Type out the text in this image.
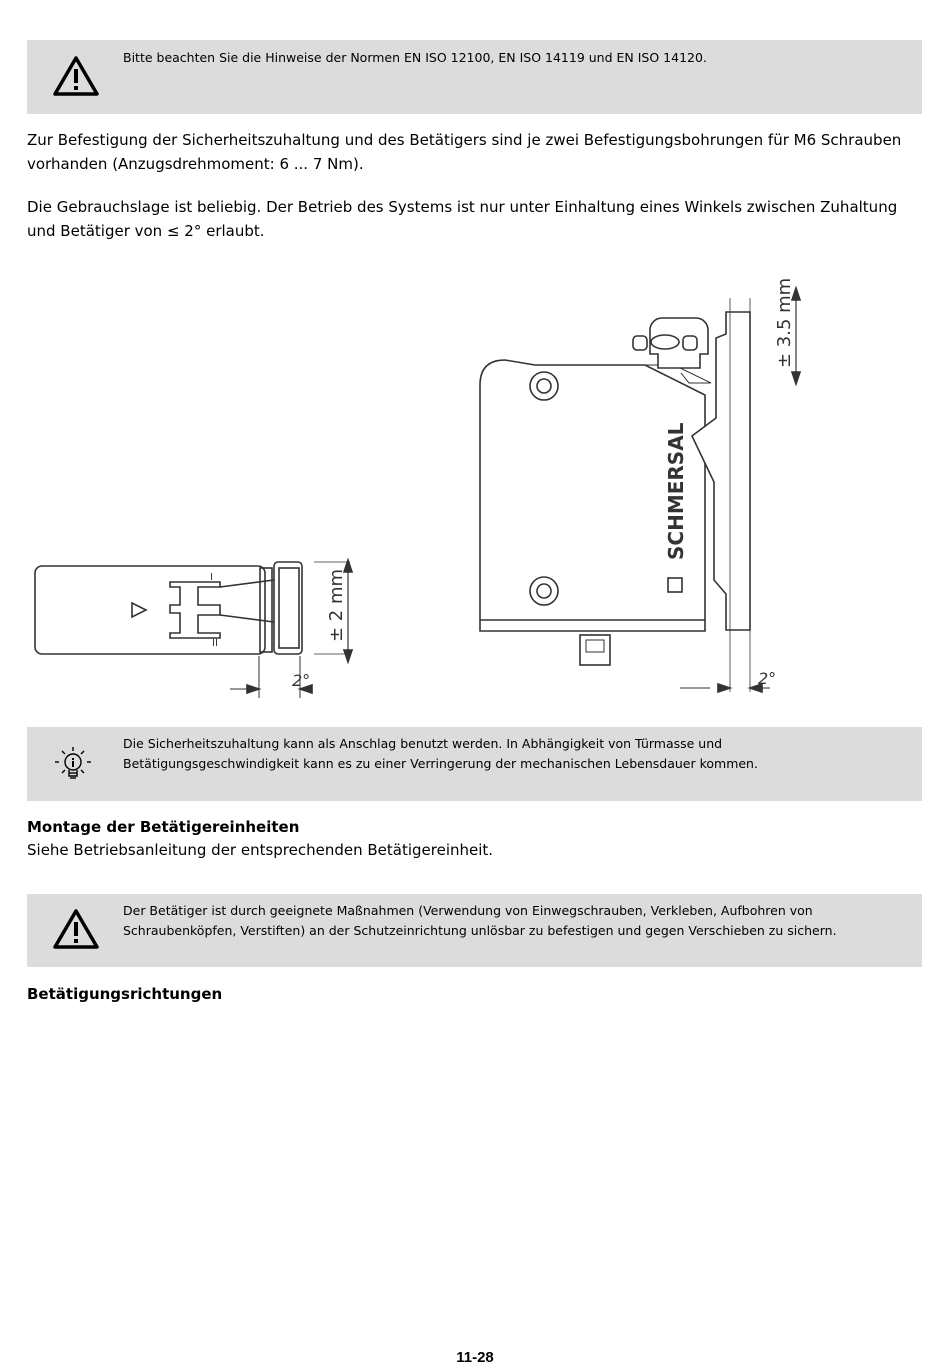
Bitte beachten Sie die Hinweise der Normen EN ISO 12100, EN ISO 14119 und EN ISO 14120.

Zur Befestigung der Sicherheitszuhaltung und des Betätigers sind je zwei Befestigungsbohrungen für M6 Schrauben vorhanden (Anzugsdrehmoment: 6 ... 7 Nm).

Die Gebrauchslage ist beliebig. Der Betrieb des Systems ist nur unter Einhaltung eines Winkels zwischen Zuhaltung und Betätiger von ≤ 2° erlaubt.

I
II
± 2 mm
2°
SCHMERSAL
± 3.5 mm
2°
Die Sicherheitszuhaltung kann als Anschlag benutzt werden. In Abhängigkeit von Türmasse und Betätigungsgeschwindigkeit kann es zu einer Verringerung der mechanischen Lebensdauer kommen.
Montage der Betätigereinheiten

Siehe Betriebsanleitung der entsprechenden Betätigereinheit.

Der Betätiger ist durch geeignete Maßnahmen (Verwendung von Einwegschrauben, Verkleben, Aufbohren von Schraubenköpfen, Verstiften) an der Schutzeinrichtung unlösbar zu befestigen und gegen Verschieben zu sichern.
Betätigungsrichtungen
11-28
